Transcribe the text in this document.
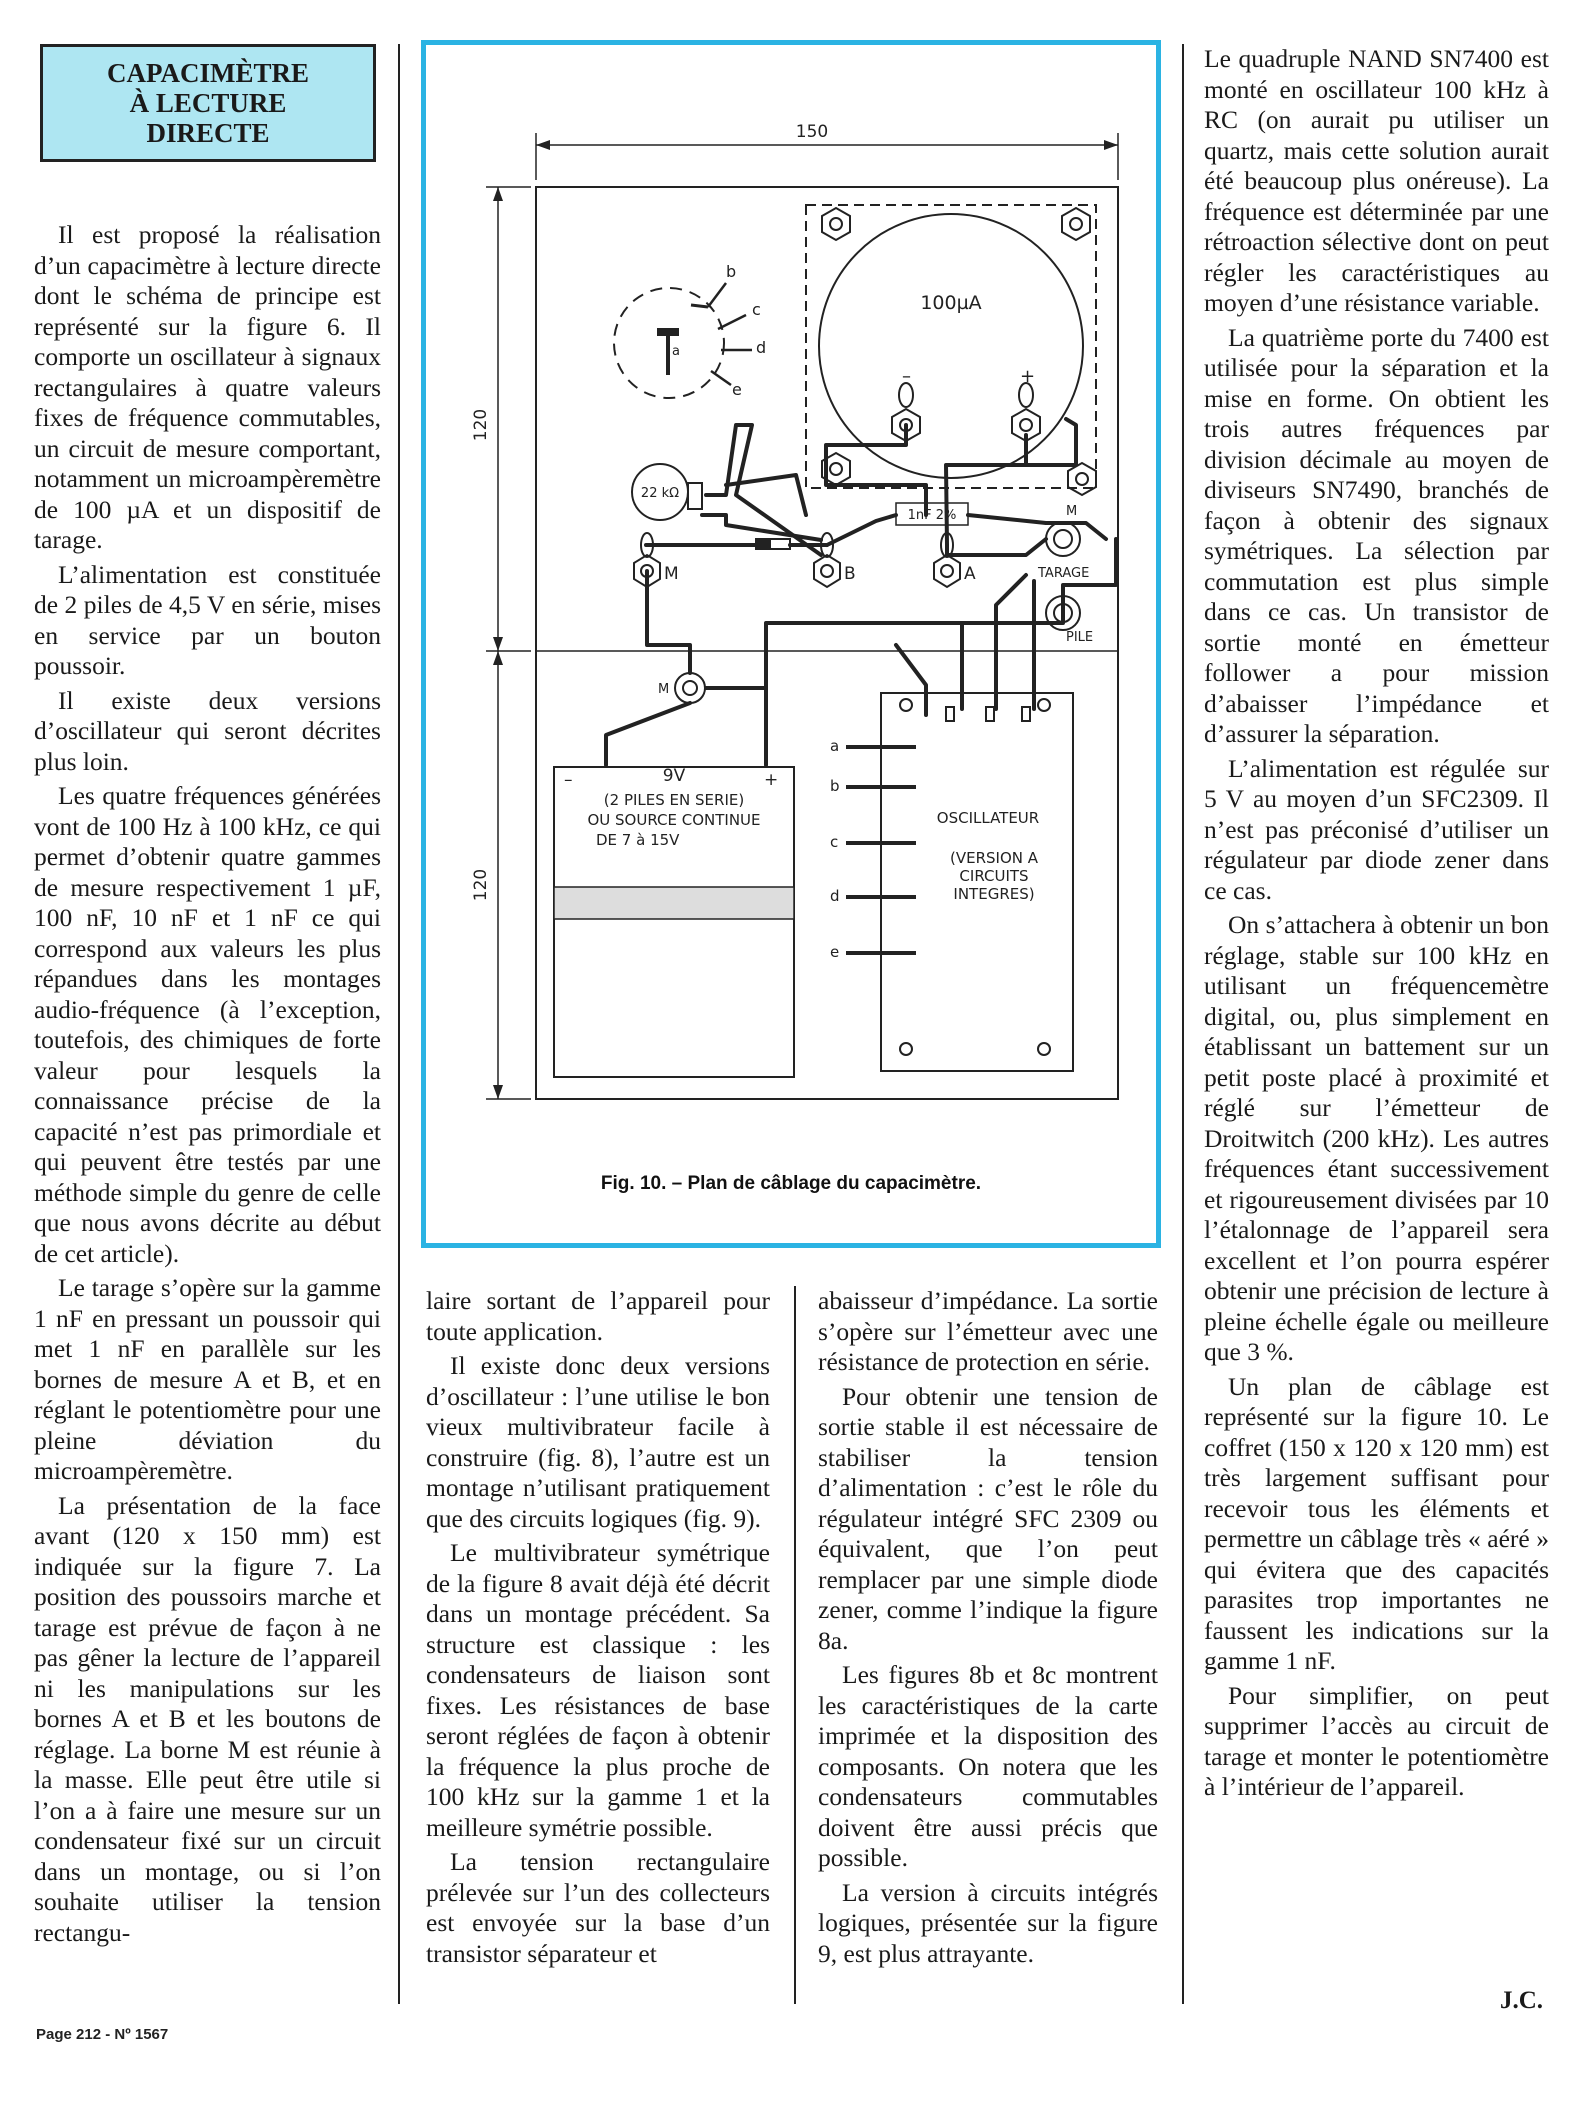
CAPACIMÈTRE
À LECTURE
DIRECTE

Il est proposé la réalisation d’un capacimètre à lecture directe dont le schéma de principe est représenté sur la figure 6. Il comporte un oscillateur à signaux rectangulaires à quatre valeurs fixes de fréquence commutables, un circuit de mesure comportant, notamment un microampèremètre de 100 µA et un dispositif de tarage.

L’alimentation est constituée de 2 piles de 4,5 V en série, mises en service par un bouton poussoir.

Il existe deux versions d’oscillateur qui seront décrites plus loin.

Les quatre fréquences générées vont de 100 Hz à 100 kHz, ce qui permet d’obtenir quatre gammes de mesure respectivement 1 µF, 100 nF, 10 nF et 1 nF ce qui correspond aux valeurs les plus répandues dans les montages audio-fréquence (à l’exception, toutefois, des chimiques de forte valeur pour lesquels la connaissance précise de la capacité n’est pas primordiale et qui peuvent être testés par une méthode simple du genre de celle que nous avons décrite au début de cet article).

Le tarage s’opère sur la gamme 1 nF en pressant un poussoir qui met 1 nF en parallèle sur les bornes de mesure A et B, et en réglant le potentiomètre pour une pleine déviation du microampèremètre.

La présentation de la face avant (120 x 150 mm) est indiquée sur la figure 7. La position des poussoirs marche et tarage est prévue de façon à ne pas gêner la lecture de l’appareil ni les manipulations sur les bornes A et B et les boutons de réglage. La borne M est réunie à la masse. Elle peut être utile si l’on a à faire une mesure sur un condensateur fixé sur un circuit dans un montage, ou si l’on souhaite utiliser la tension rectangu-

150
120
120
100µA
–	+
22 kΩ
1nF 2%
b
c
d
e
a
M	B	A	TARAGE
PILE
M
M
–	9V	+
(2 PILES EN SERIE)
OU SOURCE CONTINUE
DE 7 à 15V
OSCILLATEUR
(VERSION A
CIRCUITS
INTEGRES)
a
b
c
d
e
Fig. 10. – Plan de câblage du capacimètre.

laire sortant de l’appareil pour toute application.

Il existe donc deux versions d’oscillateur : l’une utilise le bon vieux multivibrateur facile à construire (fig. 8), l’autre est un montage n’utilisant pratiquement que des circuits logiques (fig. 9).

Le multivibrateur symétrique de la figure 8 avait déjà été décrit dans un montage précédent. Sa structure est classique : les condensateurs de liaison sont fixes. Les résistances de base seront réglées de façon à obtenir la fréquence la plus proche de 100 kHz sur la gamme 1 et la meilleure symétrie possible.

La tension rectangulaire prélevée sur l’un des collecteurs est envoyée sur la base d’un transistor séparateur et

abaisseur d’impédance. La sortie s’opère sur l’émetteur avec une résistance de protection en série.

Pour obtenir une tension de sortie stable il est nécessaire de stabiliser la tension d’alimentation : c’est le rôle du régulateur intégré SFC 2309 ou équivalent, que l’on peut remplacer par une simple diode zener, comme l’indique la figure 8a.

Les figures 8b et 8c montrent les caractéristiques de la carte imprimée et la disposition des composants. On notera que les condensateurs commutables doivent être aussi précis que possible.

La version à circuits intégrés logiques, présentée sur la figure 9, est plus attrayante.

Le quadruple NAND SN7400 est monté en oscillateur 100 kHz à RC (on aurait pu utiliser un quartz, mais cette solution aurait été beaucoup plus onéreuse). La fréquence est déterminée par une rétroaction sélective dont on peut régler les caractéristiques au moyen d’une résistance variable.

La quatrième porte du 7400 est utilisée pour la séparation et la mise en forme. On obtient les trois autres fréquences par division décimale au moyen de diviseurs SN7490, branchés de façon à obtenir des signaux symétriques. La sélection par commutation est plus simple dans ce cas. Un transistor de sortie monté en émetteur follower a pour mission d’abaisser l’impédance et d’assurer la séparation.

L’alimentation est régulée sur 5 V au moyen d’un SFC2309. Il n’est pas préconisé d’utiliser un régulateur par diode zener dans ce cas.

On s’attachera à obtenir un bon réglage, stable sur 100 kHz en utilisant un fréquencemètre digital, ou, plus simplement en établissant un battement sur un petit poste placé à proximité et réglé sur l’émetteur de Droitwitch (200 kHz). Les autres fréquences étant successivement et rigoureusement divisées par 10 l’étalonnage de l’appareil sera excellent et l’on pourra espérer obtenir une précision de lecture à pleine échelle égale ou meilleure que 3 %.

Un plan de câblage est représenté sur la figure 10. Le coffret (150 x 120 x 120 mm) est très largement suffisant pour recevoir tous les éléments et permettre un câblage très « aéré » qui évitera que des capacités parasites trop importantes ne faussent les indications sur la gamme 1 nF.

Pour simplifier, on peut supprimer l’accès au circuit de tarage et monter le potentiomètre à l’intérieur de l’appareil.

J.C.
Page 212 - Nº 1567
